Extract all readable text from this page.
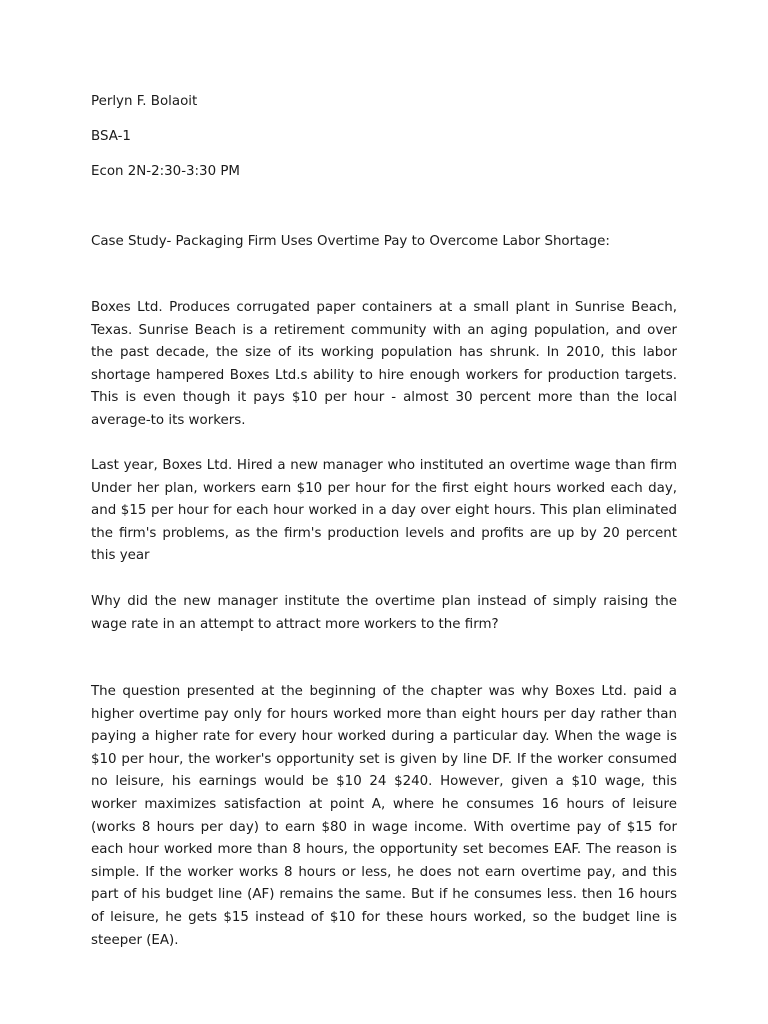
Perlyn F. Bolaoit

BSA-1

Econ 2N-2:30-3:30 PM

Case Study- Packaging Firm Uses Overtime Pay to Overcome Labor Shortage:

Boxes Ltd. Produces corrugated paper containers at a small plant in Sunrise Beach, Texas. Sunrise Beach is a retirement community with an aging population, and over the past decade, the size of its working population has shrunk. In 2010, this labor shortage hampered Boxes Ltd.s ability to hire enough workers for production targets. This is even though it pays $10 per hour - almost 30 percent more than the local average-to its workers.

Last year, Boxes Ltd. Hired a new manager who instituted an overtime wage than firm Under her plan, workers earn $10 per hour for the first eight hours worked each day, and $15 per hour for each hour worked in a day over eight hours. This plan eliminated the firm's problems, as the firm's production levels and profits are up by 20 percent this year

Why did the new manager institute the overtime plan instead of simply raising the wage rate in an attempt to attract more workers to the firm?

The question presented at the beginning of the chapter was why Boxes Ltd. paid a higher overtime pay only for hours worked more than eight hours per day rather than paying a higher rate for every hour worked during a particular day. When the wage is $10 per hour, the worker's opportunity set is given by line DF. If the worker consumed no leisure, his earnings would be $10 24 $240. However, given a $10 wage, this worker maximizes satisfaction at point A, where he consumes 16 hours of leisure (works 8 hours per day) to earn $80 in wage income. With overtime pay of $15 for each hour worked more than 8 hours, the opportunity set becomes EAF. The reason is simple. If the worker works 8 hours or less, he does not earn overtime pay, and this part of his budget line (AF) remains the same. But if he consumes less. then 16 hours of leisure, he gets $15 instead of $10 for these hours worked, so the budget line is steeper (EA).
